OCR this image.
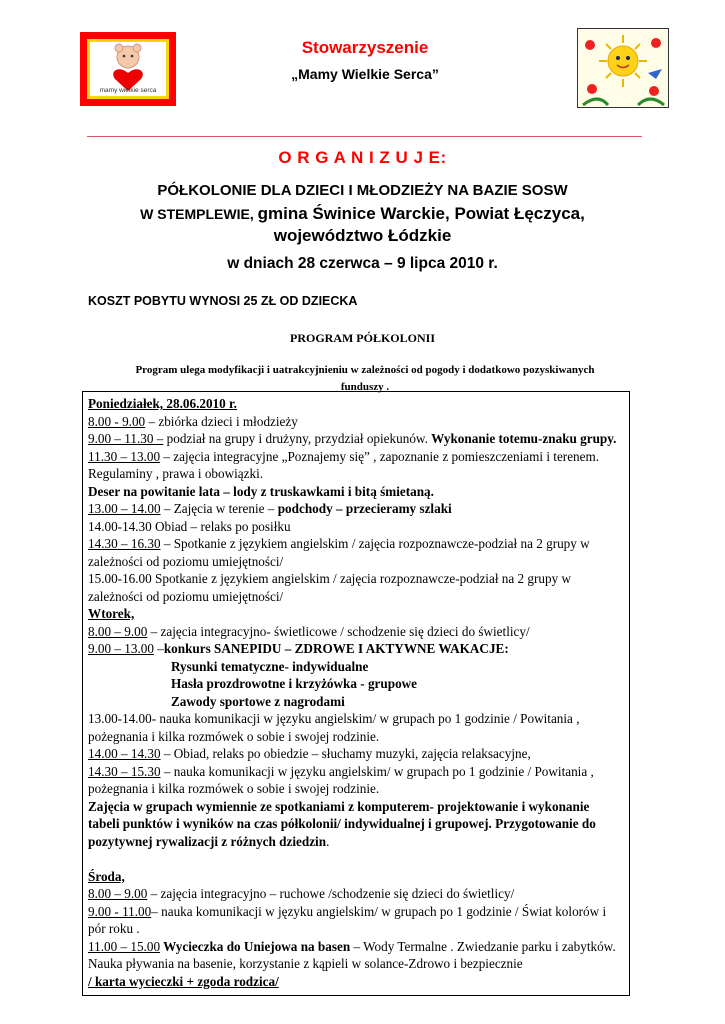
mamy wielkie serca
Stowarzyszenie
„Mamy Wielkie Serca”
O R G A N I Z U J E:
PÓŁKOLONIE DLA DZIECI I MŁODZIEŻY NA BAZIE SOSW
W STEMPLEWIE, gmina Świnice Warckie, Powiat Łęczyca,
województwo Łódzkie
w dniach 28 czerwca – 9 lipca 2010 r.
KOSZT POBYTU WYNOSI 25 ZŁ OD DZIECKA
PROGRAM PÓŁKOLONII
Program ulega modyfikacji i uatrakcyjnieniu w zależności od pogody i dodatkowo pozyskiwanych funduszy .

Poniedziałek, 28.06.2010 r.

8.00 - 9.00 – zbiórka dzieci i młodzieży

9.00 – 11.30 – podział na grupy i drużyny, przydział opiekunów. Wykonanie totemu-znaku grupy.

11.30 – 13.00 – zajęcia integracyjne „Poznajemy się” , zapoznanie z pomieszczeniami i terenem. Regulaminy , prawa i obowiązki.

Deser na powitanie lata – lody z truskawkami i bitą śmietaną.

13.00 – 14.00 – Zajęcia w terenie – podchody – przecieramy szlaki

14.00-14.30 Obiad – relaks po posiłku

14.30 – 16.30 – Spotkanie z językiem angielskim / zajęcia rozpoznawcze-podział na 2 grupy w zależności od poziomu umiejętności/

15.00-16.00 Spotkanie z językiem angielskim / zajęcia rozpoznawcze-podział na 2 grupy w zależności od poziomu umiejętności/

Wtorek,

8.00 – 9.00 – zajęcia integracyjno- świetlicowe / schodzenie się dzieci do świetlicy/

9.00 – 13.00 –konkurs SANEPIDU – ZDROWE I AKTYWNE WAKACJE:

Rysunki tematyczne- indywidualne

Hasła prozdrowotne i krzyżówka - grupowe

Zawody sportowe z nagrodami

13.00-14.00- nauka komunikacji w języku angielskim/ w grupach po 1 godzinie / Powitania , pożegnania i kilka rozmówek o sobie i swojej rodzinie.

14.00 – 14.30 – Obiad, relaks po obiedzie – słuchamy muzyki, zajęcia relaksacyjne,

14.30 – 15.30 – nauka komunikacji w języku angielskim/ w grupach po 1 godzinie / Powitania , pożegnania i kilka rozmówek o sobie i swojej rodzinie.

Zajęcia w grupach wymiennie ze spotkaniami z komputerem- projektowanie i wykonanie tabeli punktów i wyników na czas półkolonii/ indywidualnej i grupowej. Przygotowanie do pozytywnej rywalizacji z różnych dziedzin.

Środa,

8.00 – 9.00 – zajęcia integracyjno – ruchowe /schodzenie się dzieci do świetlicy/

9.00 - 11.00– nauka komunikacji w języku angielskim/ w grupach po 1 godzinie / Świat kolorów i pór roku .

11.00 – 15.00 Wycieczka do Uniejowa na basen – Wody Termalne . Zwiedzanie parku i zabytków. Nauka pływania na basenie, korzystanie z kąpieli w solance-Zdrowo i bezpiecznie

/ karta wycieczki + zgoda rodzica/
